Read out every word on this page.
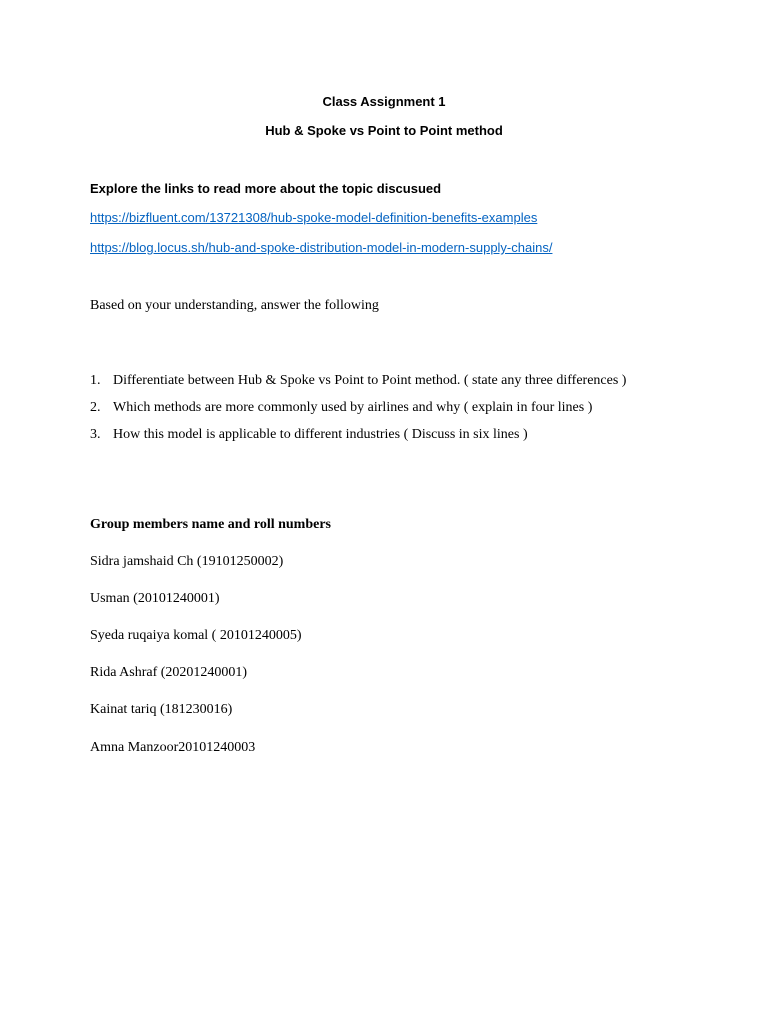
Class Assignment 1
Hub & Spoke vs Point to Point method
Explore the links to read more about the topic discusued
https://bizfluent.com/13721308/hub-spoke-model-definition-benefits-examples
https://blog.locus.sh/hub-and-spoke-distribution-model-in-modern-supply-chains/
Based on your understanding, answer the following
1. Differentiate between Hub & Spoke vs Point to Point method. ( state any three differences )
2. Which methods are more commonly used by airlines and why ( explain in four lines )
3. How this model is applicable to different industries ( Discuss in six lines )
Group members name and roll numbers
Sidra jamshaid Ch (19101250002)
Usman (20101240001)
Syeda ruqaiya komal ( 20101240005)
Rida Ashraf (20201240001)
Kainat tariq (181230016)
Amna Manzoor20101240003
